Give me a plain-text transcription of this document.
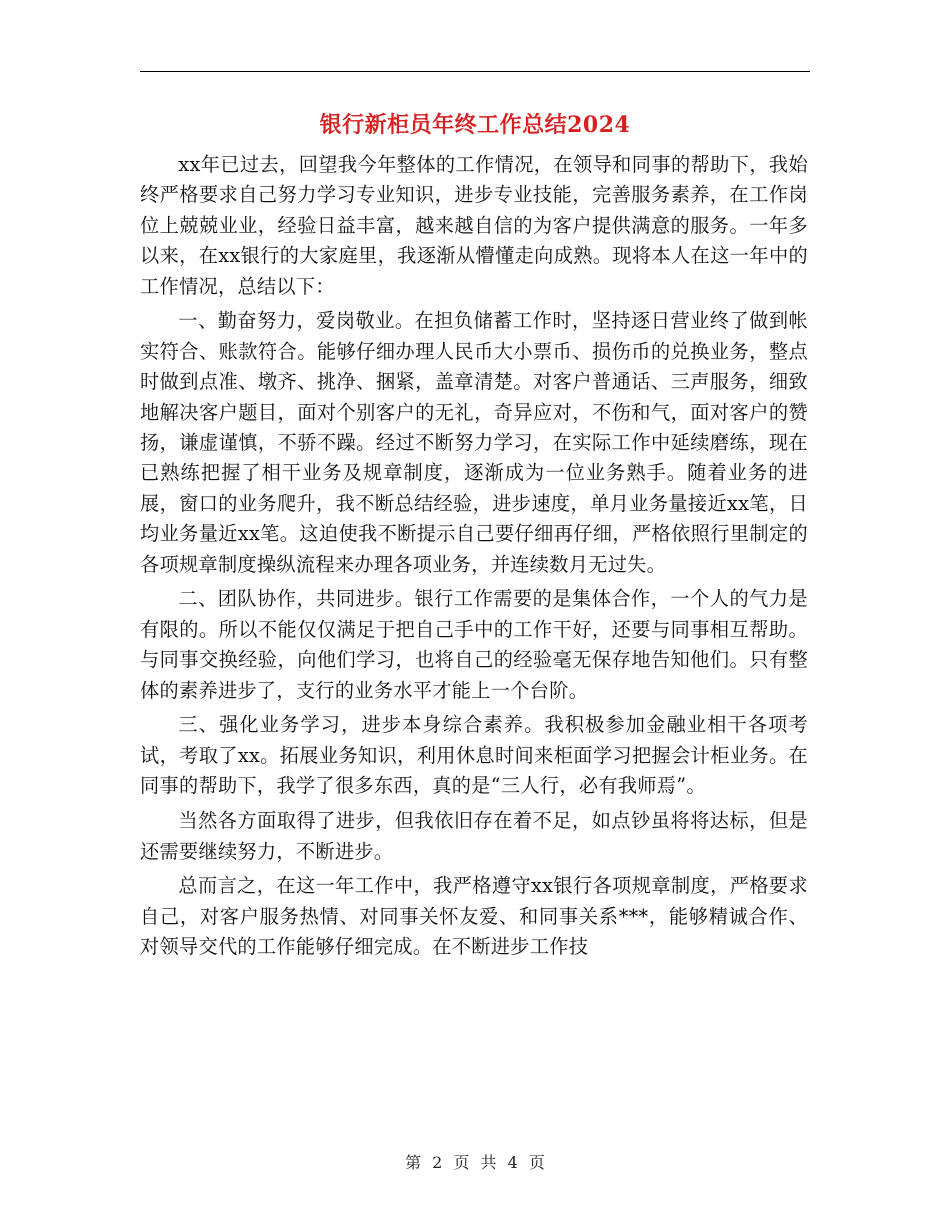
银行新柜员年终工作总结2024

xx年已过去，回望我今年整体的工作情况，在领导和同事的帮助下，我始终严格要求自己努力学习专业知识，进步专业技能，完善服务素养，在工作岗位上兢兢业业，经验日益丰富，越来越自信的为客户提供满意的服务。一年多以来，在xx银行的大家庭里，我逐渐从懵懂走向成熟。现将本人在这一年中的工作情况，总结以下：

一、勤奋努力，爱岗敬业。在担负储蓄工作时，坚持逐日营业终了做到帐实符合、账款符合。能够仔细办理人民币大小票币、损伤币的兑换业务，整点时做到点准、墩齐、挑净、捆紧，盖章清楚。对客户普通话、三声服务，细致地解决客户题目，面对个别客户的无礼，奇异应对，不伤和气，面对客户的赞扬，谦虚谨慎，不骄不躁。经过不断努力学习，在实际工作中延续磨练，现在已熟练把握了相干业务及规章制度，逐渐成为一位业务熟手。随着业务的进展，窗口的业务爬升，我不断总结经验，进步速度，单月业务量接近xx笔，日均业务量近xx笔。这迫使我不断提示自己要仔细再仔细，严格依照行里制定的各项规章制度操纵流程来办理各项业务，并连续数月无过失。

二、团队协作，共同进步。银行工作需要的是集体合作，一个人的气力是有限的。所以不能仅仅满足于把自己手中的工作干好，还要与同事相互帮助。与同事交换经验，向他们学习，也将自己的经验毫无保存地告知他们。只有整体的素养进步了，支行的业务水平才能上一个台阶。

三、强化业务学习，进步本身综合素养。我积极参加金融业相干各项考试，考取了xx。拓展业务知识，利用休息时间来柜面学习把握会计柜业务。在同事的帮助下，我学了很多东西，真的是“三人行，必有我师焉”。

当然各方面取得了进步，但我依旧存在着不足，如点钞虽将将达标，但是还需要继续努力，不断进步。

总而言之，在这一年工作中，我严格遵守xx银行各项规章制度，严格要求自己，对客户服务热情、对同事关怀友爱、和同事关系***，能够精诚合作、对领导交代的工作能够仔细完成。在不断进步工作技

第 2 页 共 4 页
